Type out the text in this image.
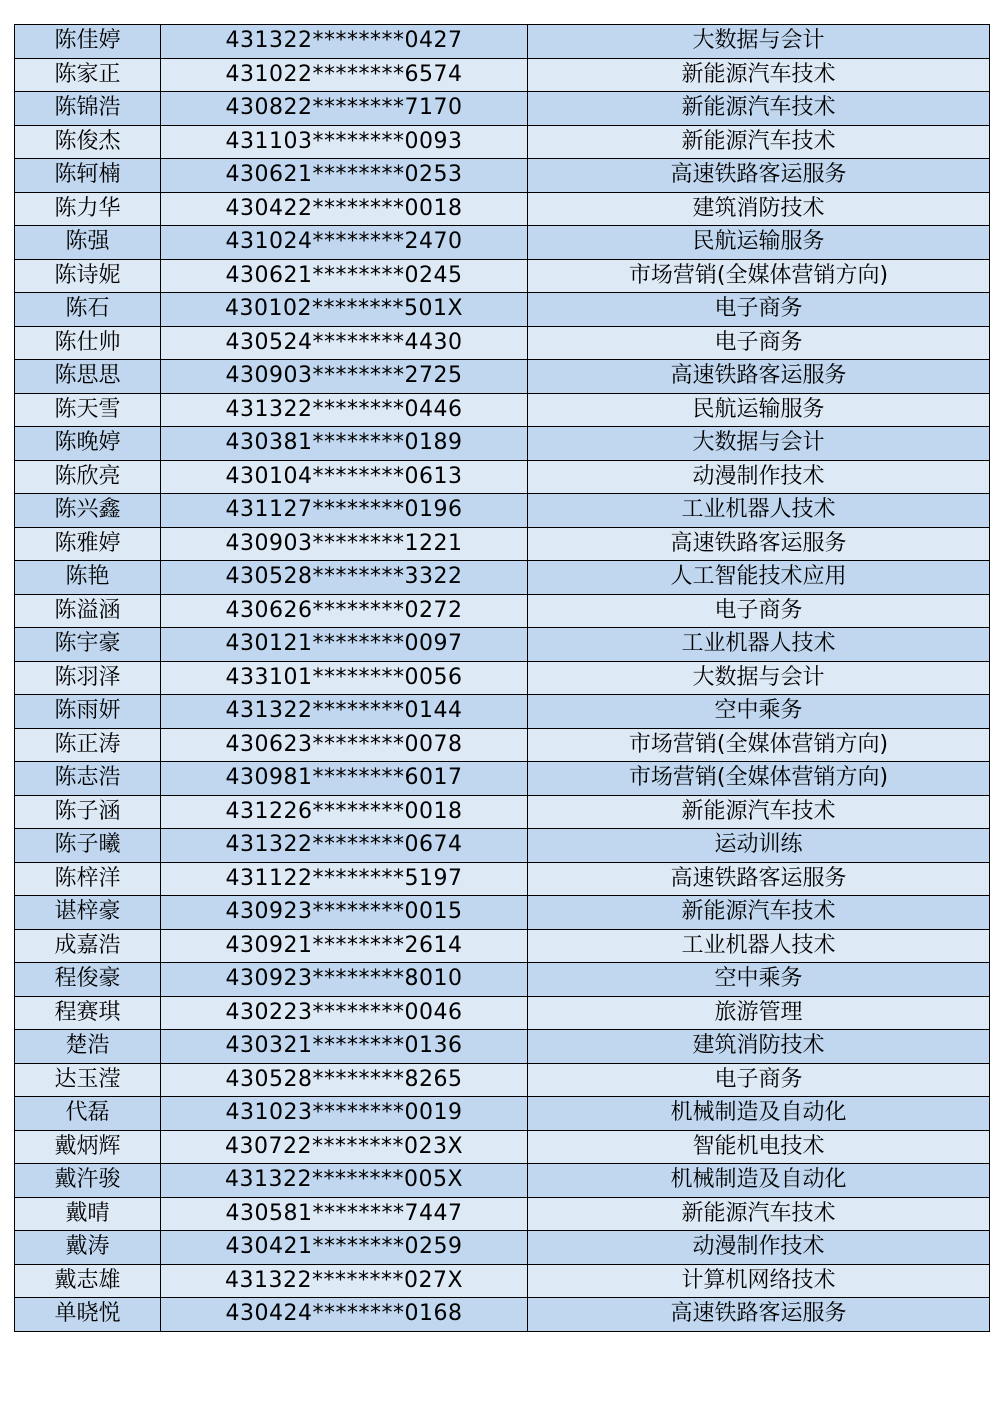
陈佳婷	431322********0427	大数据与会计
陈家正	431022********6574	新能源汽车技术
陈锦浩	430822********7170	新能源汽车技术
陈俊杰	431103********0093	新能源汽车技术
陈轲楠	430621********0253	高速铁路客运服务
陈力华	430422********0018	建筑消防技术
陈强	431024********2470	民航运输服务
陈诗妮	430621********0245	市场营销(全媒体营销方向)
陈石	430102********501X	电子商务
陈仕帅	430524********4430	电子商务
陈思思	430903********2725	高速铁路客运服务
陈天雪	431322********0446	民航运输服务
陈晚婷	430381********0189	大数据与会计
陈欣亮	430104********0613	动漫制作技术
陈兴鑫	431127********0196	工业机器人技术
陈雅婷	430903********1221	高速铁路客运服务
陈艳	430528********3322	人工智能技术应用
陈溢涵	430626********0272	电子商务
陈宇豪	430121********0097	工业机器人技术
陈羽泽	433101********0056	大数据与会计
陈雨妍	431322********0144	空中乘务
陈正涛	430623********0078	市场营销(全媒体营销方向)
陈志浩	430981********6017	市场营销(全媒体营销方向)
陈子涵	431226********0018	新能源汽车技术
陈子曦	431322********0674	运动训练
陈梓洋	431122********5197	高速铁路客运服务
谌梓豪	430923********0015	新能源汽车技术
成嘉浩	430921********2614	工业机器人技术
程俊豪	430923********8010	空中乘务
程赛琪	430223********0046	旅游管理
楚浩	430321********0136	建筑消防技术
达玉滢	430528********8265	电子商务
代磊	431023********0019	机械制造及自动化
戴炳辉	430722********023X	智能机电技术
戴汻骏	431322********005X	机械制造及自动化
戴晴	430581********7447	新能源汽车技术
戴涛	430421********0259	动漫制作技术
戴志雄	431322********027X	计算机网络技术
单晓悦	430424********0168	高速铁路客运服务
